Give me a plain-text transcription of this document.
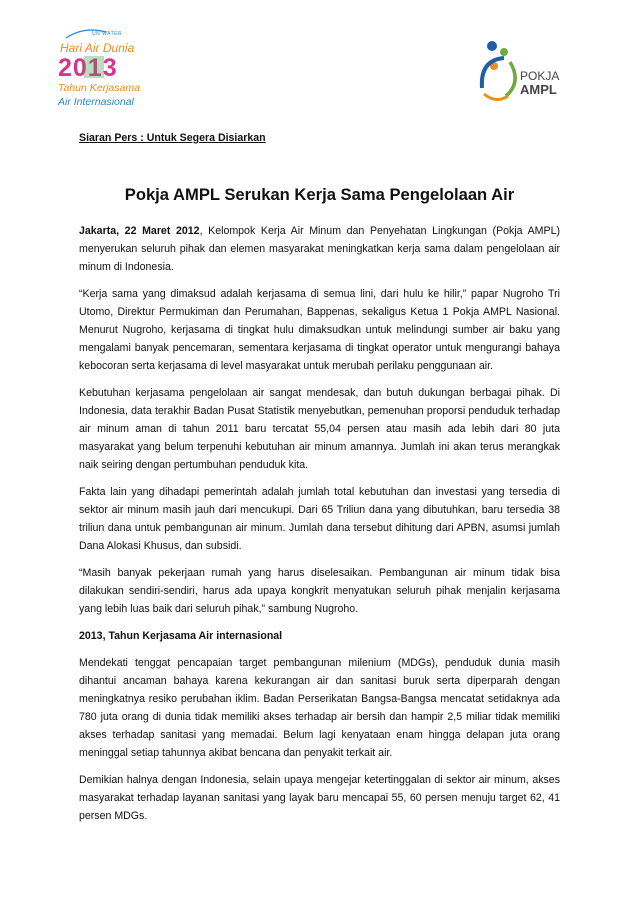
UN WATER
Hari Air Dunia
2013
Tahun Kerjasama
Air Internasional
POKJA
AMPL
Siaran Pers : Untuk Segera Disiarkan
Pokja AMPL Serukan Kerja Sama Pengelolaan Air

Jakarta, 22 Maret 2012, Kelompok Kerja Air Minum dan Penyehatan Lingkungan (Pokja AMPL) menyerukan seluruh pihak dan elemen masyarakat meningkatkan kerja sama dalam pengelolaan air minum di Indonesia.

“Kerja sama yang dimaksud adalah kerjasama di semua lini, dari hulu ke hilir,” papar Nugroho Tri Utomo, Direktur Permukiman dan Perumahan, Bappenas, sekaligus Ketua 1 Pokja AMPL Nasional. Menurut Nugroho, kerjasama di tingkat hulu dimaksudkan untuk melindungi sumber air baku yang mengalami banyak pencemaran, sementara kerjasama di tingkat operator untuk mengurangi bahaya kebocoran serta kerjasama di level masyarakat untuk merubah perilaku penggunaan air.

Kebutuhan kerjasama pengelolaan air sangat mendesak, dan butuh dukungan berbagai pihak. Di Indonesia, data terakhir Badan Pusat Statistik menyebutkan, pemenuhan proporsi penduduk terhadap air minum aman di tahun 2011 baru tercatat 55,04 persen atau masih ada lebih dari 80 juta masyarakat yang belum terpenuhi kebutuhan air minum amannya. Jumlah ini akan terus merangkak naik seiring dengan pertumbuhan penduduk kita.

Fakta lain yang dihadapi pemerintah adalah jumlah total kebutuhan dan investasi yang tersedia di sektor air minum masih jauh dari mencukupi. Dari 65 Triliun dana yang dibutuhkan, baru tersedia 38 triliun dana untuk pembangunan air minum. Jumlah dana tersebut dihitung dari APBN, asumsi jumlah Dana Alokasi Khusus, dan subsidi.

“Masih banyak pekerjaan rumah yang harus diselesaikan. Pembangunan air minum tidak bisa dilakukan sendiri-sendiri, harus ada upaya kongkrit menyatukan seluruh pihak menjalin kerjasama yang lebih luas baik dari seluruh pihak,” sambung Nugroho.

2013, Tahun Kerjasama Air internasional

Mendekati tenggat pencapaian target pembangunan milenium (MDGs), penduduk dunia masih dihantui ancaman bahaya karena kekurangan air dan sanitasi buruk serta diperparah dengan meningkatnya resiko perubahan iklim. Badan Perserikatan Bangsa-Bangsa mencatat setidaknya ada 780 juta orang di dunia tidak memiliki akses terhadap air bersih dan hampir 2,5 miliar tidak memiliki akses terhadap sanitasi yang memadai. Belum lagi kenyataan enam hingga delapan juta orang meninggal setiap tahunnya akibat bencana dan penyakit terkait air.

Demikian halnya dengan Indonesia, selain upaya mengejar ketertinggalan di sektor air minum, akses masyarakat terhadap layanan sanitasi yang layak baru mencapai 55, 60 persen menuju target 62, 41 persen MDGs.
